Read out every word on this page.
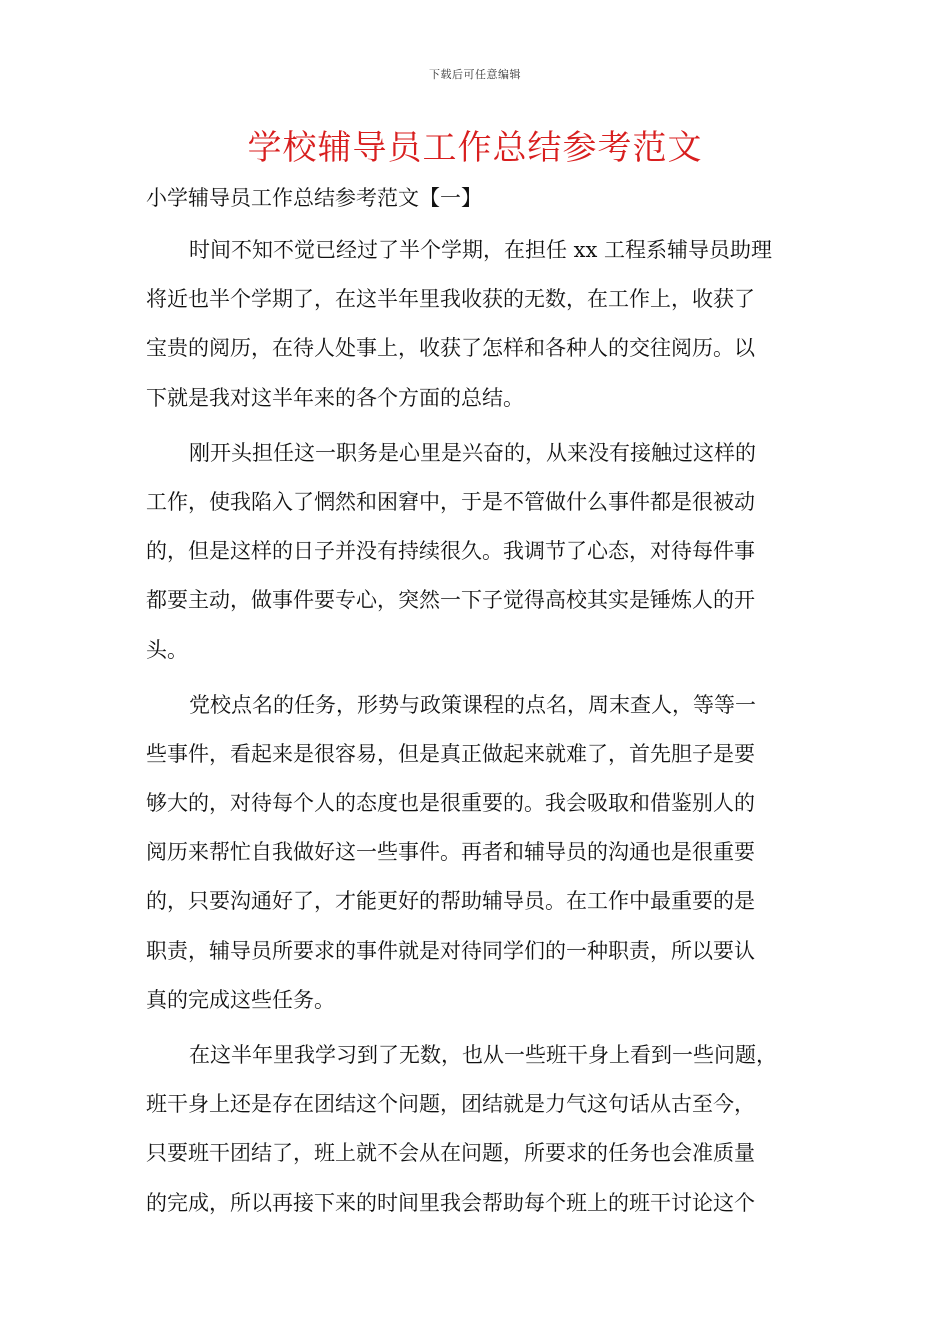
下载后可任意编辑
学校辅导员工作总结参考范文
小学辅导员工作总结参考范文【一】
时间不知不觉已经过了半个学期，在担任 xx 工程系辅导员助理
将近也半个学期了，在这半年里我收获的无数，在工作上，收获了
宝贵的阅历，在待人处事上，收获了怎样和各种人的交往阅历。以
下就是我对这半年来的各个方面的总结。
刚开头担任这一职务是心里是兴奋的，从来没有接触过这样的
工作，使我陷入了惘然和困窘中，于是不管做什么事件都是很被动
的，但是这样的日子并没有持续很久。我调节了心态，对待每件事
都要主动，做事件要专心，突然一下子觉得高校其实是锤炼人的开
头。
党校点名的任务，形势与政策课程的点名，周末查人，等等一
些事件，看起来是很容易，但是真正做起来就难了，首先胆子是要
够大的，对待每个人的态度也是很重要的。我会吸取和借鉴别人的
阅历来帮忙自我做好这一些事件。再者和辅导员的沟通也是很重要
的，只要沟通好了，才能更好的帮助辅导员。在工作中最重要的是
职责，辅导员所要求的事件就是对待同学们的一种职责，所以要认
真的完成这些任务。
在这半年里我学习到了无数，也从一些班干身上看到一些问题，
班干身上还是存在团结这个问题，团结就是力气这句话从古至今，
只要班干团结了，班上就不会从在问题，所要求的任务也会准质量
的完成，所以再接下来的时间里我会帮助每个班上的班干讨论这个
